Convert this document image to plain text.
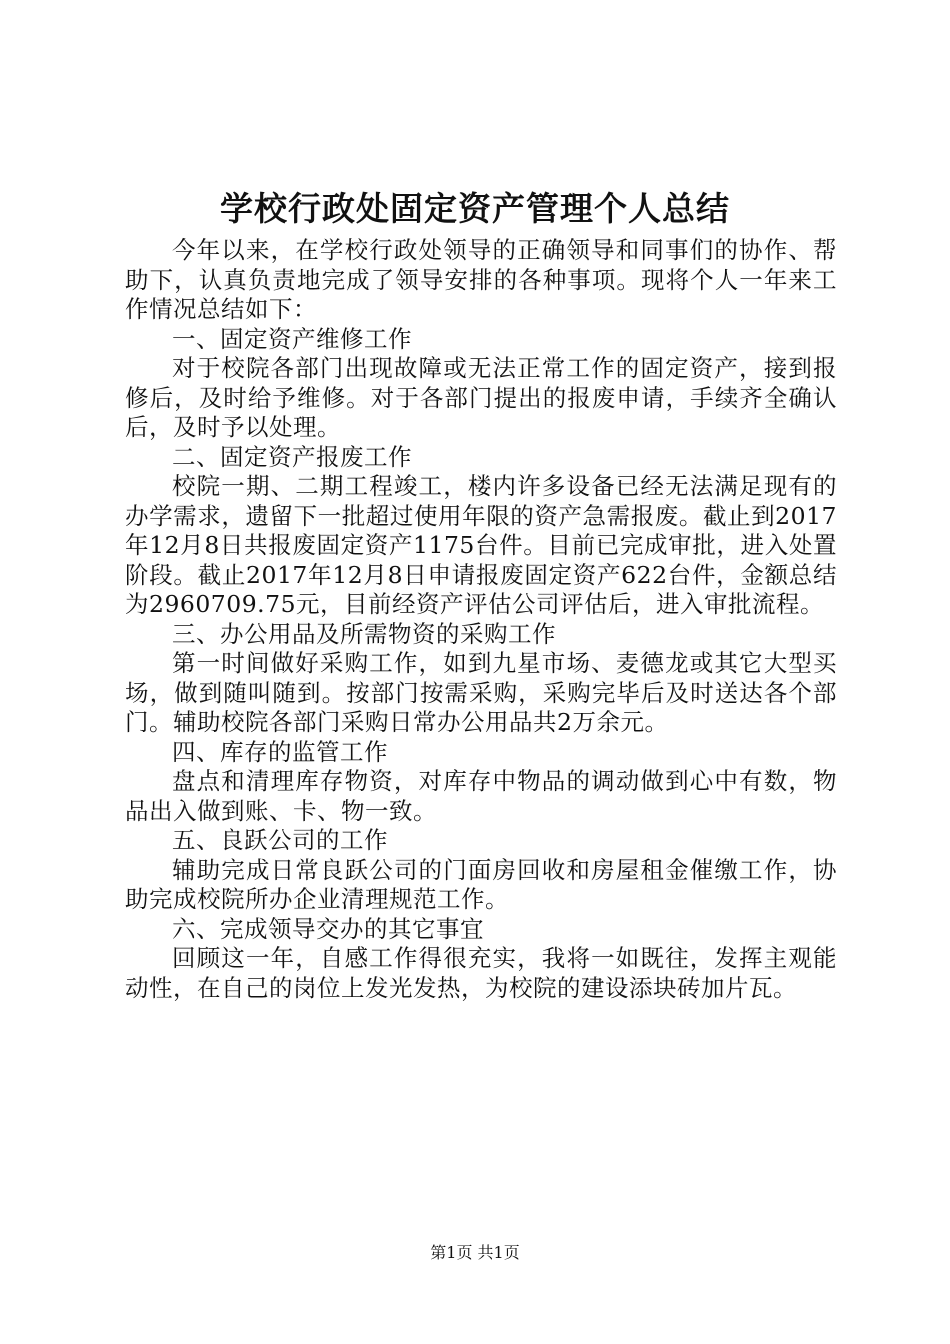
学校行政处固定资产管理个人总结

今年以来，在学校行政处领导的正确领导和同事们的协作、帮助下，认真负责地完成了领导安排的各种事项。现将个人一年来工作情况总结如下：

一、固定资产维修工作

对于校院各部门出现故障或无法正常工作的固定资产，接到报修后，及时给予维修。对于各部门提出的报废申请，手续齐全确认后，及时予以处理。

二、固定资产报废工作

校院一期、二期工程竣工，楼内许多设备已经无法满足现有的办学需求，遗留下一批超过使用年限的资产急需报废。截止到2017年12月8日共报废固定资产1175台件。目前已完成审批，进入处置阶段。截止2017年12月8日申请报废固定资产622台件，金额总结为2960709.75元，目前经资产评估公司评估后，进入审批流程。

三、办公用品及所需物资的采购工作

第一时间做好采购工作，如到九星市场、麦德龙或其它大型买场，做到随叫随到。按部门按需采购，采购完毕后及时送达各个部门。辅助校院各部门采购日常办公用品共2万余元。

四、库存的监管工作

盘点和清理库存物资，对库存中物品的调动做到心中有数，物品出入做到账、卡、物一致。

五、良跃公司的工作

辅助完成日常良跃公司的门面房回收和房屋租金催缴工作，协助完成校院所办企业清理规范工作。

六、完成领导交办的其它事宜

回顾这一年，自感工作得很充实，我将一如既往，发挥主观能动性，在自己的岗位上发光发热，为校院的建设添块砖加片瓦。

第1页 共1页
